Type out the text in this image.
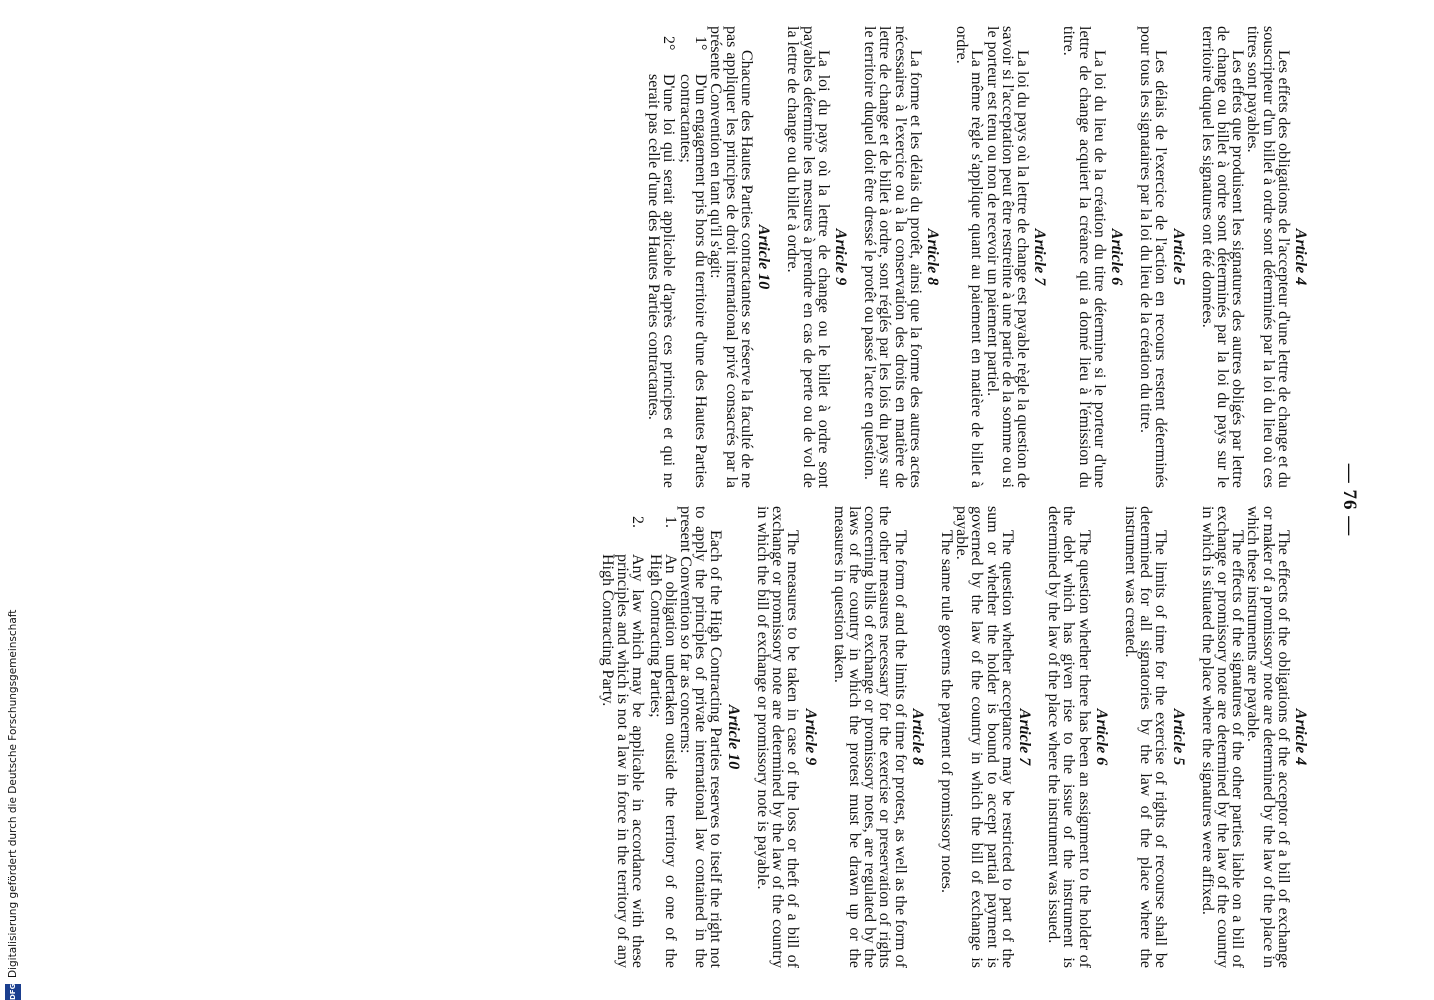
— 76 —
Article 4

Les effets des obligations de l'accepteur d'une lettre de change et du souscripteur d'un billet à ordre sont déterminés par la loi du lieu où ces titres sont payables.

Les effets que produisent les signatures des autres obligés par lettre de change ou billet à ordre sont déterminés par la loi du pays sur le territoire duquel les signatures ont été données.

Article 5

Les délais de l'exercice de l'action en recours restent déterminés pour tous les signataires par la loi du lieu de la création du titre.

Article 6

La loi du lieu de la création du titre détermine si le porteur d'une lettre de change acquiert la créance qui a donné lieu à l'émission du titre.

Article 7

La loi du pays où la lettre de change est payable règle la question de savoir si l'acceptation peut être restreinte à une partie de la somme ou si le porteur est tenu ou non de recevoir un paiement partiel.

La même règle s'applique quant au paiement en matière de billet à ordre.

Article 8

La forme et les délais du protêt, ainsi que la forme des autres actes nécessaires à l'exercice ou à la conservation des droits en matière de lettre de change et de billet à ordre, sont réglés par les lois du pays sur le territoire duquel doit être dressé le protêt ou passé l'acte en question.

Article 9

La loi du pays où la lettre de change ou le billet à ordre sont payables détermine les mesures à prendre en cas de perte ou de vol de la lettre de change ou du billet à ordre.

Article 10

Chacune des Hautes Parties contractantes se réserve la faculté de ne pas appliquer les principes de droit international privé consacrés par la présente Convention en tant qu'il s'agit:

1°
D'un engagement pris hors du territoire d'une des Hautes Parties contractantes;
2°
D'une loi qui serait applicable d'après ces principes et qui ne serait pas celle d'une des Hautes Parties contractantes.
Article 4

The effects of the obligations of the acceptor of a bill of exchange or maker of a promissory note are determined by the law of the place in which these instruments are payable.

The effects of the signatures of the other parties liable on a bill of exchange or promissory note are determined by the law of the country in which is situated the place where the signatures were affixed.

Article 5

The limits of time for the exercise of rights of recourse shall be determined for all signatories by the law of the place where the instrument was created.

Article 6

The question whether there has been an assignment to the holder of the debt which has given rise to the issue of the instrument is determined by the law of the place where the instrument was issued.

Article 7

The question whether acceptance may be restricted to part of the sum or whether the holder is bound to accept partial payment is governed by the law of the country in which the bill of exchange is payable.

The same rule governs the payment of promissory notes.

Article 8

The form of and the limits of time for protest, as well as the form of the other measures necessary for the exercise or preservation of rights concerning bills of exchange or promissory notes, are regulated by the laws of the country in which the protest must be drawn up or the measures in question taken.

Article 9

The measures to be taken in case of the loss or theft of a bill of exchange or promissory note are determined by the law of the country in which the bill of exchange or promissory note is payable.

Article 10

Each of the High Contracting Parties reserves to itself the right not to apply the principles of private international law contained in the present Convention so far as concerns:

1.
An obligation undertaken outside the territory of one of the High Contracting Parties;
2.
Any law which may be applicable in accordance with these principles and which is not a law in force in the territory of any High Contracting Party.
DFG
Digitalisierung gefördert durch die Deutsche Forschungsgemeinschaft
